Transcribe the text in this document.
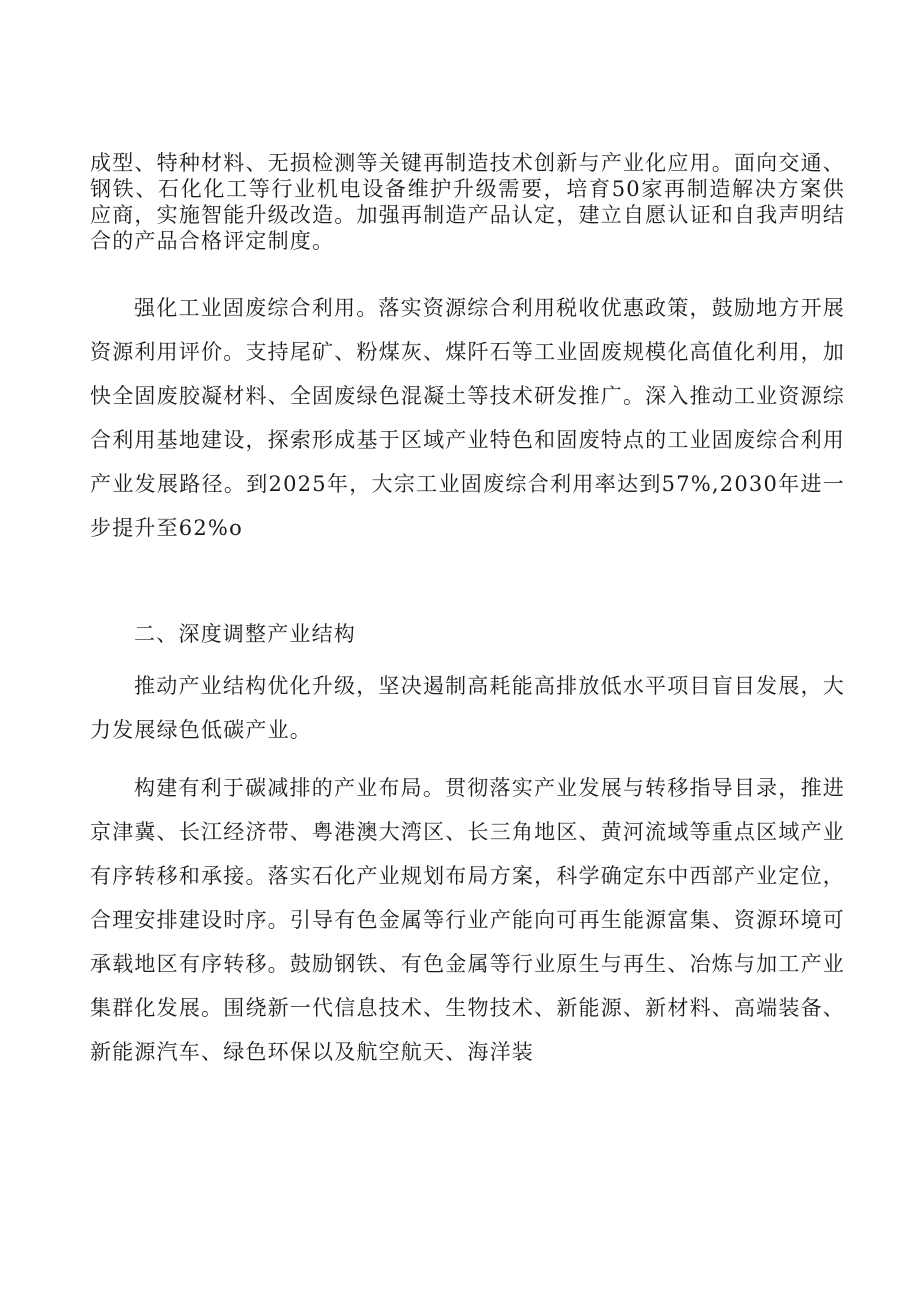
成型、特种材料、无损检测等关键再制造技术创新与产业化应用。面向交通、钢铁、石化化工等行业机电设备维护升级需要，培育50家再制造解决方案供应商，实施智能升级改造。加强再制造产品认定，建立自愿认证和自我声明结合的产品合格评定制度。

强化工业固废综合利用。落实资源综合利用税收优惠政策，鼓励地方开展资源利用评价。支持尾矿、粉煤灰、煤阡石等工业固废规模化高值化利用，加快全固废胶凝材料、全固废绿色混凝土等技术研发推广。深入推动工业资源综合利用基地建设，探索形成基于区域产业特色和固废特点的工业固废综合利用产业发展路径。到2025年，大宗工业固废综合利用率达到57%,2030年进一步提升至62%o

二、深度调整产业结构

推动产业结构优化升级，坚决遏制高耗能高排放低水平项目盲目发展，大力发展绿色低碳产业。

构建有利于碳减排的产业布局。贯彻落实产业发展与转移指导目录，推进京津冀、长江经济带、粤港澳大湾区、长三角地区、黄河流域等重点区域产业有序转移和承接。落实石化产业规划布局方案，科学确定东中西部产业定位，合理安排建设时序。引导有色金属等行业产能向可再生能源富集、资源环境可承载地区有序转移。鼓励钢铁、有色金属等行业原生与再生、冶炼与加工产业集群化发展。围绕新一代信息技术、生物技术、新能源、新材料、高端装备、新能源汽车、绿色环保以及航空航天、海洋装
